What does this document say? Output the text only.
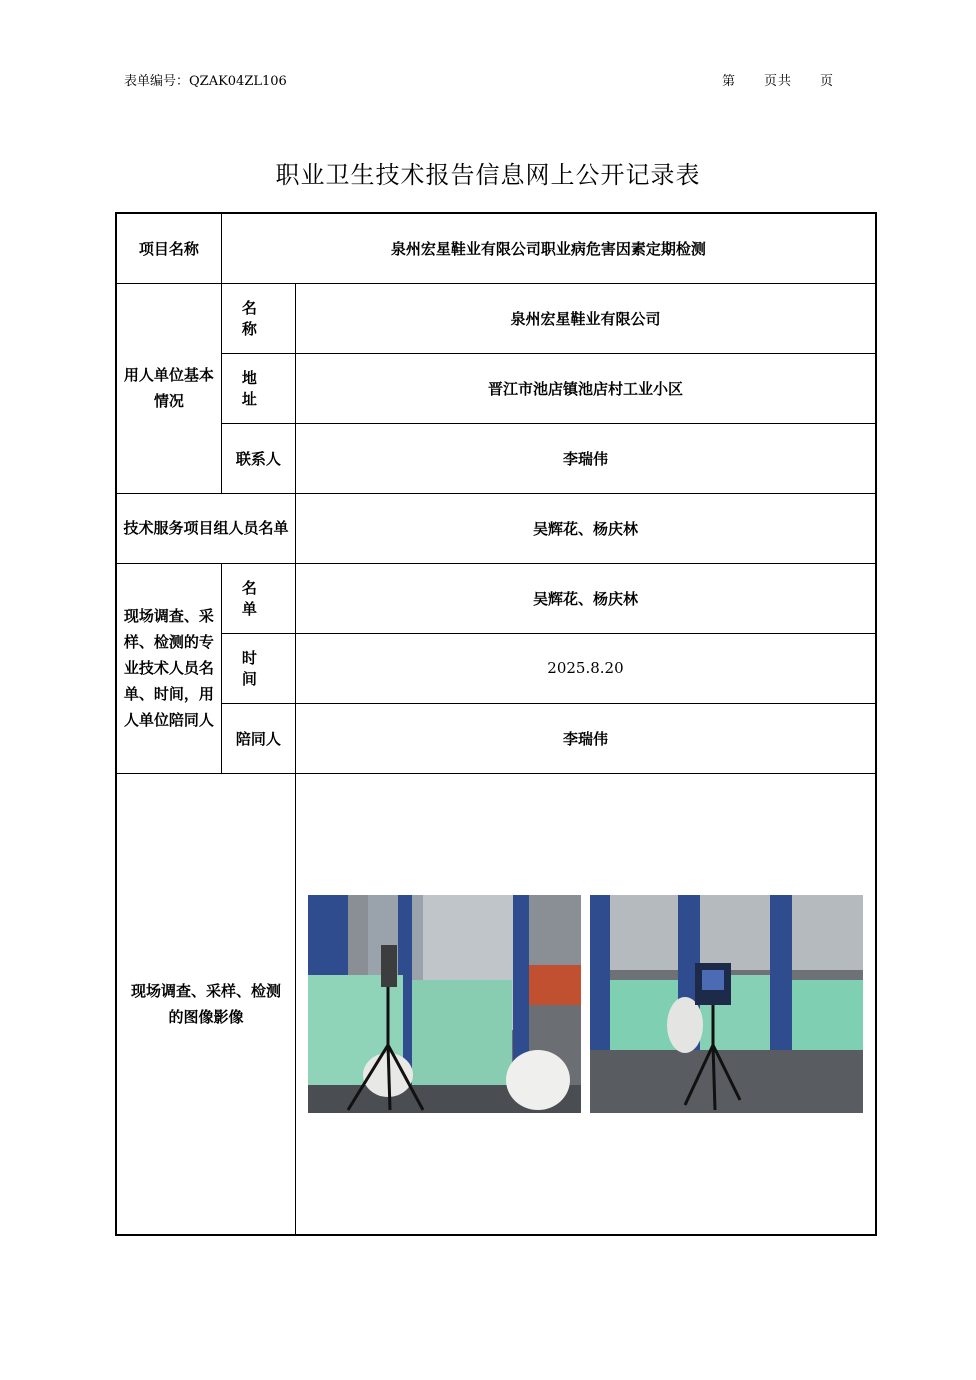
表单编号：QZAK04ZL106	第 页共 页
职业卫生技术报告信息网上公开记录表
项目名称	泉州宏星鞋业有限公司职业病危害因素定期检测	
用人单位基本情况	名 称	泉州宏星鞋业有限公司
	地 址	晋江市池店镇池店村工业小区
	联系人	李瑞伟
技术服务项目组人员名单		吴辉花、杨庆林
现场调查、采样、检测的专业技术人员名单、时间，用人单位陪同人	名 单	吴辉花、杨庆林
	时 间	2025.8.20
	陪同人	李瑞伟
现场调查、采样、检测的图像影像	
